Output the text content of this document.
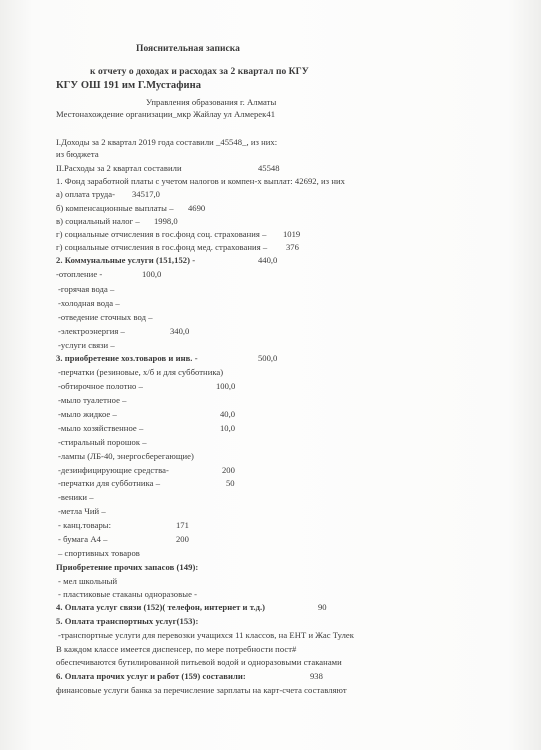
Пояснительная записка
к отчету о доходах и расходах за 2 квартал по КГУ
КГУ ОШ 191 им Г.Мустафина
Управления образования г. Алматы
Местонахождение организации_мкр Жайлау ул Алмерек41
I.Доходы за 2 квартал 2019 года составили _45548_, из них:
из бюджета
II.Расходы за 2 квартал составили	45548
1. Фонд заработной платы с учетом налогов и компен-х выплат: 42692, из них
а) оплата труда- 34517,0
б) компенсационные выплаты – 4690
в) социальный налог – 1998,0
г) социальные отчисления в гос.фонд соц. страхования – 1019
г) социальные отчисления в гос.фонд мед. страхования – 376
2. Коммунальные услуги (151,152) -	440,0
-отопление -	100,0
-горячая вода –
-холодная вода –
-отведение сточных вод –
-электроэнергия –	340,0
-услуги связи –
3. приобретение хоз.товаров и инв. -	500,0
-перчатки (резиновые, х/б и для субботника)
-обтирочное полотно –	100,0
-мыло туалетное –
-мыло жидкое –	40,0
-мыло хозяйственное –	10,0
-стиральный порошок –
-лампы (ЛБ-40, энергосберегающие)
-дезинфицирующие средства-	200
-перчатки для субботника –	50
-веники –
-метла Чий –
- канц.товары:	171
- бумага А4 –	200
– спортивных товаров
Приобретение прочих запасов (149):
- мел школьный
- пластиковые стаканы одноразовые -
4. Оплата услуг связи (152)( телефон, интернет и т.д.)	90
5. Оплата транспортных услуг(153):
-транспортные услуги для перевозки учащихся 11 классов, на ЕНТ и Жас Тулек
В каждом классе имеется диспенсер, по мере потребности пост#
обеспечиваются бутилированной питьевой водой и одноразовыми стаканами
6. Оплата прочих услуг и работ (159) составили:	938
финансовые услуги банка за перечисление зарплаты на карт-счета составляют
